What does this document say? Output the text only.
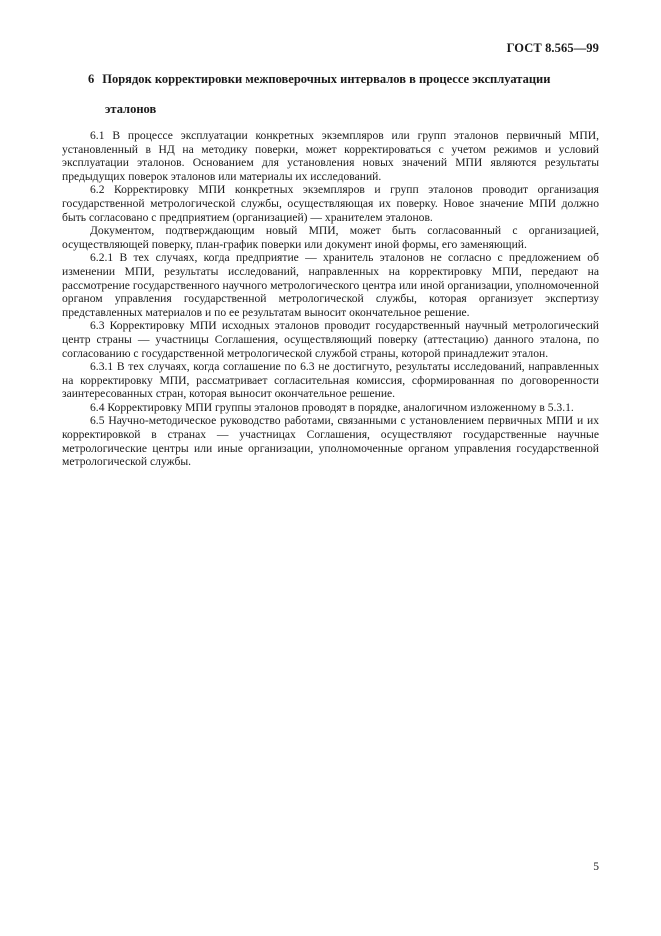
ГОСТ 8.565—99
6 Порядок корректировки межповерочных интервалов в процессе эксплуатации
эталонов

6.1 В процессе эксплуатации конкретных экземпляров или групп эталонов первичный МПИ, установленный в НД на методику поверки, может корректироваться с учетом режимов и условий эксплуатации эталонов. Основанием для установления новых значений МПИ являются результаты предыдущих поверок эталонов или материалы их исследований.

6.2 Корректировку МПИ конкретных экземпляров и групп эталонов проводит организация государственной метрологической службы, осуществляющая их поверку. Новое значение МПИ должно быть согласовано с предприятием (организацией) — хранителем эталонов.

Документом, подтверждающим новый МПИ, может быть согласованный с организацией, осуществляющей поверку, план-график поверки или документ иной формы, его заменяющий.

6.2.1 В тех случаях, когда предприятие — хранитель эталонов не согласно с предложением об изменении МПИ, результаты исследований, направленных на корректировку МПИ, передают на рассмотрение государственного научного метрологического центра или иной организации, уполномоченной органом управления государственной метрологической службы, которая организует экспертизу представленных материалов и по ее результатам выносит окончательное решение.

6.3 Корректировку МПИ исходных эталонов проводит государственный научный метрологический центр страны — участницы Соглашения, осуществляющий поверку (аттестацию) данного эталона, по согласованию с государственной метрологической службой страны, которой принадлежит эталон.

6.3.1 В тех случаях, когда соглашение по 6.3 не достигнуто, результаты исследований, направленных на корректировку МПИ, рассматривает согласительная комиссия, сформированная по договоренности заинтересованных стран, которая выносит окончательное решение.

6.4 Корректировку МПИ группы эталонов проводят в порядке, аналогичном изложенному в 5.3.1.

6.5 Научно-методическое руководство работами, связанными с установлением первичных МПИ и их корректировкой в странах — участницах Соглашения, осуществляют государственные научные метрологические центры или иные организации, уполномоченные органом управления государственной метрологической службы.

5
